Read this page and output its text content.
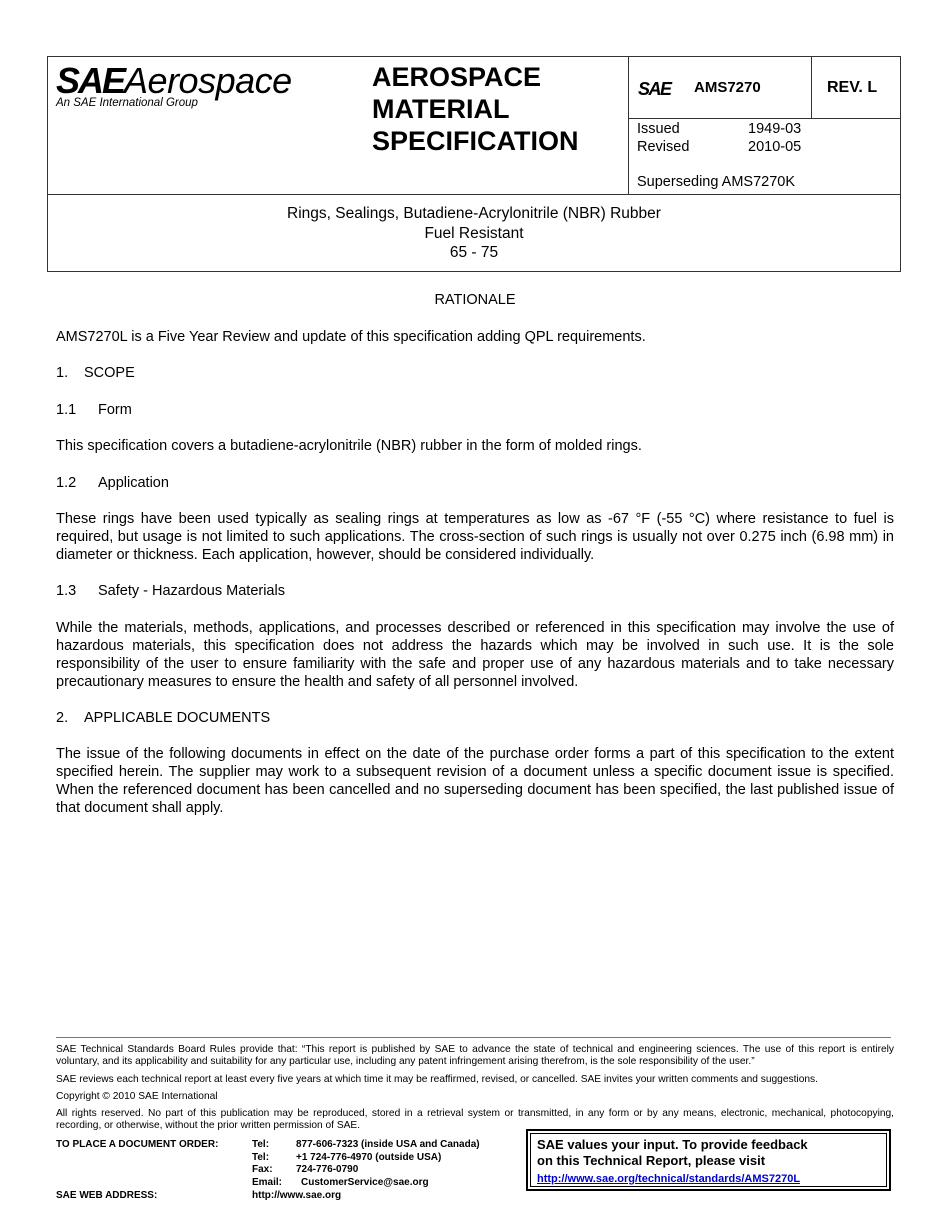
SAEAerospace
An SAE International Group
AEROSPACE
MATERIAL
SPECIFICATION
SAE AMS7270	REV. L
Issued	1949-03
Revised	2010-05
Superseding AMS7270K
Rings, Sealings, Butadiene-Acrylonitrile (NBR) Rubber
Fuel Resistant
65 - 75
RATIONALE
AMS7270L is a Five Year Review and update of this specification adding QPL requirements.
1. SCOPE
1.1 Form
This specification covers a butadiene-acrylonitrile (NBR) rubber in the form of molded rings.
1.2 Application
These rings have been used typically as sealing rings at temperatures as low as -67 °F (-55 °C) where resistance to fuel is required, but usage is not limited to such applications. The cross-section of such rings is usually not over 0.275 inch (6.98 mm) in diameter or thickness. Each application, however, should be considered individually.
1.3 Safety - Hazardous Materials
While the materials, methods, applications, and processes described or referenced in this specification may involve the use of hazardous materials, this specification does not address the hazards which may be involved in such use. It is the sole responsibility of the user to ensure familiarity with the safe and proper use of any hazardous materials and to take necessary precautionary measures to ensure the health and safety of all personnel involved.
2. APPLICABLE DOCUMENTS
The issue of the following documents in effect on the date of the purchase order forms a part of this specification to the extent specified herein. The supplier may work to a subsequent revision of a document unless a specific document issue is specified. When the referenced document has been cancelled and no superseding document has been specified, the last published issue of that document shall apply.
SAE Technical Standards Board Rules provide that: “This report is published by SAE to advance the state of technical and engineering sciences. The use of this report is entirely voluntary, and its applicability and suitability for any particular use, including any patent infringement arising therefrom, is the sole responsibility of the user.”
SAE reviews each technical report at least every five years at which time it may be reaffirmed, revised, or cancelled. SAE invites your written comments and suggestions.
Copyright © 2010 SAE International
All rights reserved. No part of this publication may be reproduced, stored in a retrieval system or transmitted, in any form or by any means, electronic, mechanical, photocopying, recording, or otherwise, without the prior written permission of SAE.
TO PLACE A DOCUMENT ORDER:	Tel:	877-606-7323 (inside USA and Canada)
Tel:	+1 724-776-4970 (outside USA)
Fax: 724-776-0790
Email: CustomerService@sae.org
SAE WEB ADDRESS:	http://www.sae.org
SAE values your input. To provide feedback
on this Technical Report, please visit
http://www.sae.org/technical/standards/AMS7270L
